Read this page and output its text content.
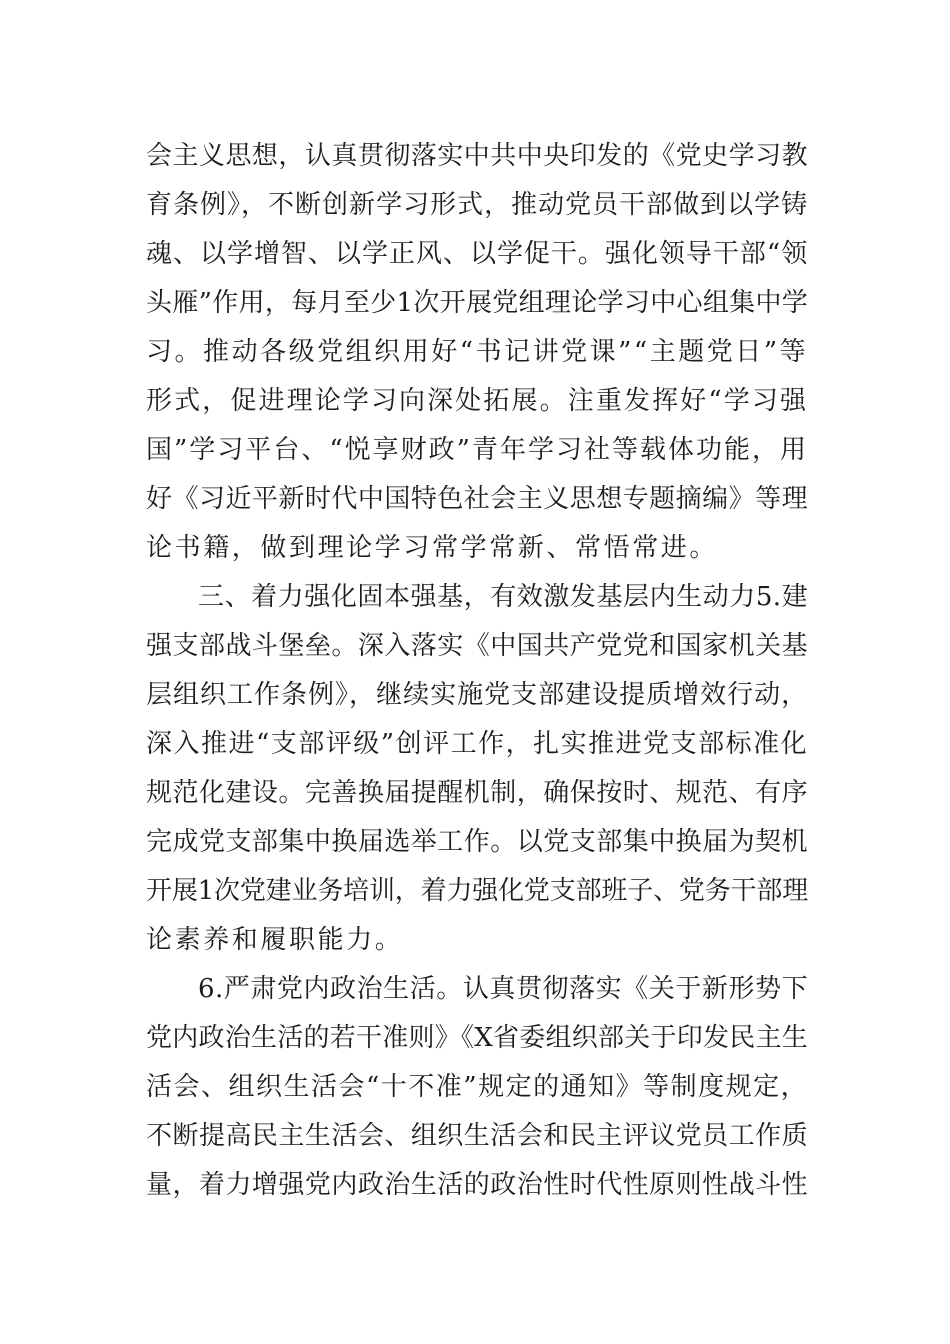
会主义思想，认真贯彻落实中共中央印发的《党史学习教
育条例》，不断创新学习形式，推动党员干部做到以学铸
魂、以学增智、以学正风、以学促干。强化领导干部“领
头雁”作用，每月至少1次开展党组理论学习中心组集中学
习。推动各级党组织用好“书记讲党课”“主题党日”等
形式，促进理论学习向深处拓展。注重发挥好“学习强
国”学习平台、“悦享财政”青年学习社等载体功能，用
好《习近平新时代中国特色社会主义思想专题摘编》等理
论书籍，做到理论学习常学常新、常悟常进。
三、着力强化固本强基，有效激发基层内生动力5.建
强支部战斗堡垒。深入落实《中国共产党党和国家机关基
层组织工作条例》，继续实施党支部建设提质增效行动，
深入推进“支部评级”创评工作，扎实推进党支部标准化
规范化建设。完善换届提醒机制，确保按时、规范、有序
完成党支部集中换届选举工作。以党支部集中换届为契机
开展1次党建业务培训，着力强化党支部班子、党务干部理
论素养和履职能力。
6.严肃党内政治生活。认真贯彻落实《关于新形势下
党内政治生活的若干准则》《X省委组织部关于印发民主生
活会、组织生活会“十不准”规定的通知》等制度规定，
不断提高民主生活会、组织生活会和民主评议党员工作质
量，着力增强党内政治生活的政治性时代性原则性战斗性
